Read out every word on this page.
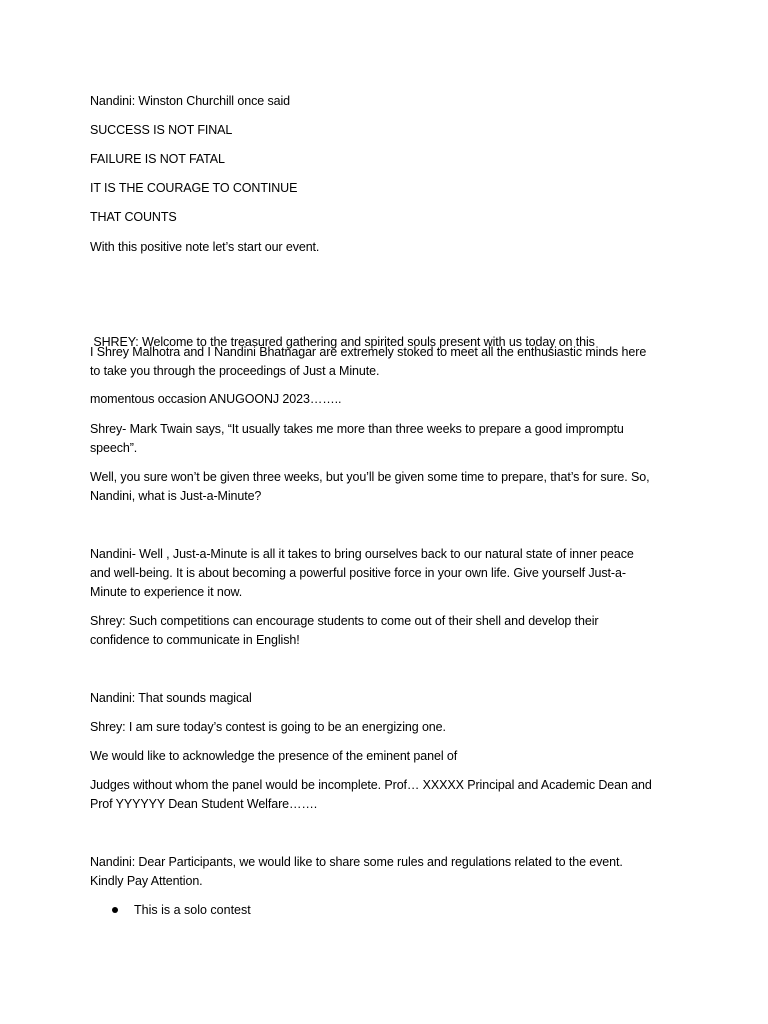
Nandini: Winston Churchill once said

SUCCESS IS NOT FINAL

FAILURE IS NOT FATAL

IT IS THE COURAGE TO CONTINUE

THAT COUNTS

With this positive note let’s start our event.

SHREY: Welcome to the treasured gathering and spirited souls present with us today on this

momentous occasion ANUGOONJ 2023……..

I Shrey Malhotra and I Nandini Bhatnagar are extremely stoked to meet all the enthusiastic minds here
to take you through the proceedings of Just a Minute.

Shrey- Mark Twain says, “It usually takes me more than three weeks to prepare a good impromptu
speech”.

Well, you sure won’t be given three weeks, but you’ll be given some time to prepare, that’s for sure. So,
Nandini, what is Just-a-Minute?

Nandini- Well , Just-a-Minute is all it takes to bring ourselves back to our natural state of inner peace
and well-being. It is about becoming a powerful positive force in your own life. Give yourself Just-a-
Minute to experience it now.

Shrey: Such competitions can encourage students to come out of their shell and develop their
confidence to communicate in English!

Nandini: That sounds magical

Shrey: I am sure today’s contest is going to be an energizing one.

We would like to acknowledge the presence of the eminent panel of

Judges without whom the panel would be incomplete. Prof… XXXXX Principal and Academic Dean and
Prof YYYYYY Dean Student Welfare…….

Nandini: Dear Participants, we would like to share some rules and regulations related to the event.
Kindly Pay Attention.

This is a solo contest
